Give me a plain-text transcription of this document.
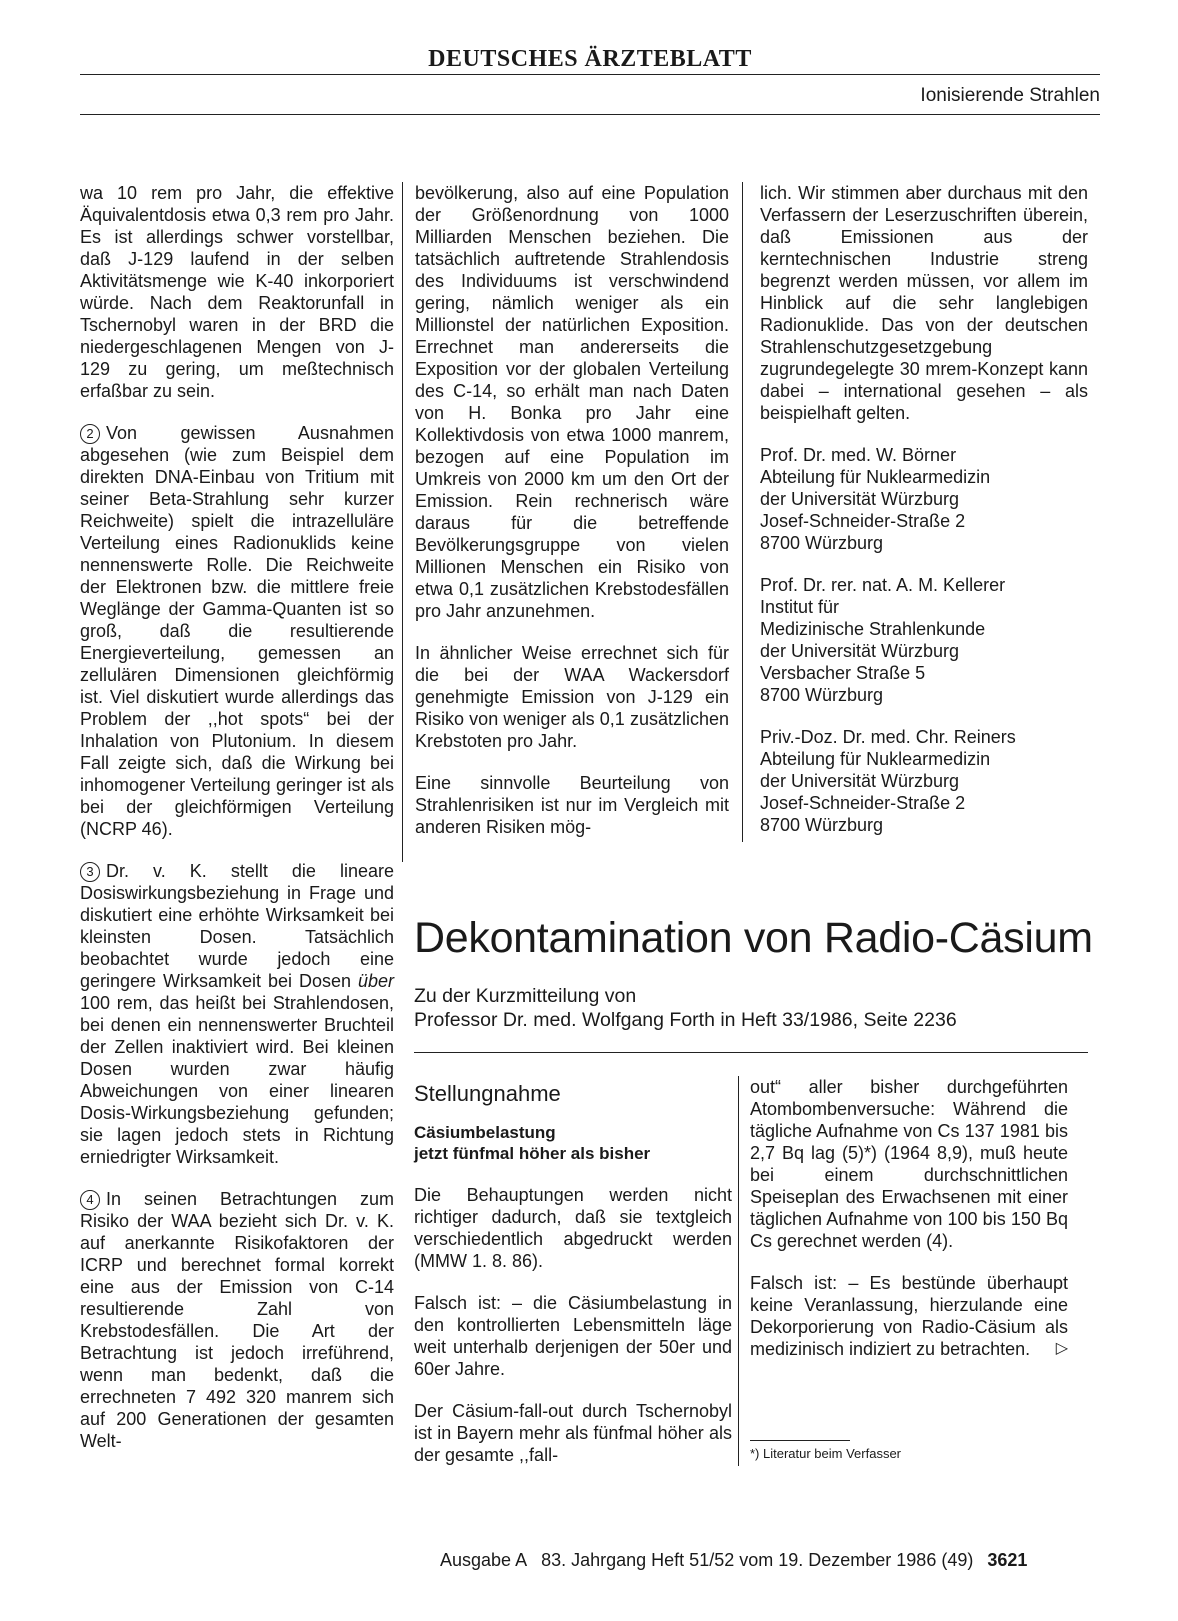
DEUTSCHES ÄRZTEBLATT
Ionisierende Strahlen

wa 10 rem pro Jahr, die effektive Äquivalentdosis etwa 0,3 rem pro Jahr. Es ist allerdings schwer vorstellbar, daß J-129 laufend in der selben Aktivitätsmenge wie K-40 inkorporiert würde. Nach dem Reaktorunfall in Tschernobyl waren in der BRD die niedergeschlagenen Mengen von J-129 zu gering, um meßtechnisch erfaßbar zu sein.

2 Von gewissen Ausnahmen abgesehen (wie zum Beispiel dem direkten DNA-Einbau von Tritium mit seiner Beta-Strahlung sehr kurzer Reichweite) spielt die intrazelluläre Verteilung eines Radionuklids keine nennenswerte Rolle. Die Reichweite der Elektronen bzw. die mittlere freie Weglänge der Gamma-Quanten ist so groß, daß die resultierende Energieverteilung, gemessen an zellulären Dimensionen gleichförmig ist. Viel diskutiert wurde allerdings das Problem der ,,hot spots“ bei der Inhalation von Plutonium. In diesem Fall zeigte sich, daß die Wirkung bei inhomogener Verteilung geringer ist als bei der gleichförmigen Verteilung (NCRP 46).

3 Dr. v. K. stellt die lineare Dosiswirkungsbeziehung in Frage und diskutiert eine erhöhte Wirksamkeit bei kleinsten Dosen. Tatsächlich beobachtet wurde jedoch eine geringere Wirksamkeit bei Dosen über 100 rem, das heißt bei Strahlendosen, bei denen ein nennenswerter Bruchteil der Zellen inaktiviert wird. Bei kleinen Dosen wurden zwar häufig Abweichungen von einer linearen Dosis-Wirkungsbeziehung gefunden; sie lagen jedoch stets in Richtung erniedrigter Wirksamkeit.

4 In seinen Betrachtungen zum Risiko der WAA bezieht sich Dr. v. K. auf anerkannte Risikofaktoren der ICRP und berechnet formal korrekt eine aus der Emission von C-14 resultierende Zahl von Krebstodesfällen. Die Art der Betrachtung ist jedoch irreführend, wenn man bedenkt, daß die errechneten 7 492 320 manrem sich auf 200 Generationen der gesamten Welt-

bevölkerung, also auf eine Population der Größenordnung von 1000 Milliarden Menschen beziehen. Die tatsächlich auftretende Strahlendosis des Individuums ist verschwindend gering, nämlich weniger als ein Millionstel der natürlichen Exposition. Errechnet man andererseits die Exposition vor der globalen Verteilung des C-14, so erhält man nach Daten von H. Bonka pro Jahr eine Kollektivdosis von etwa 1000 manrem, bezogen auf eine Population im Umkreis von 2000 km um den Ort der Emission. Rein rechnerisch wäre daraus für die betreffende Bevölkerungsgruppe von vielen Millionen Menschen ein Risiko von etwa 0,1 zusätzlichen Krebstodesfällen pro Jahr anzunehmen.

In ähnlicher Weise errechnet sich für die bei der WAA Wackersdorf genehmigte Emission von J-129 ein Risiko von weniger als 0,1 zusätzlichen Krebstoten pro Jahr.

Eine sinnvolle Beurteilung von Strahlenrisiken ist nur im Vergleich mit anderen Risiken mög-

lich. Wir stimmen aber durchaus mit den Verfassern der Leserzuschriften überein, daß Emissionen aus der kerntechnischen Industrie streng begrenzt werden müssen, vor allem im Hinblick auf die sehr langlebigen Radionuklide. Das von der deutschen Strahlenschutzgesetzgebung zugrundegelegte 30 mrem-Konzept kann dabei – international gesehen – als beispielhaft gelten.

Prof. Dr. med. W. Börner
Abteilung für Nuklearmedizin
der Universität Würzburg
Josef-Schneider-Straße 2
8700 Würzburg
Prof. Dr. rer. nat. A. M. Kellerer
Institut für
Medizinische Strahlenkunde
der Universität Würzburg
Versbacher Straße 5
8700 Würzburg
Priv.-Doz. Dr. med. Chr. Reiners
Abteilung für Nuklearmedizin
der Universität Würzburg
Josef-Schneider-Straße 2
8700 Würzburg
Dekontamination von Radio-Cäsium
Zu der Kurzmitteilung von
Professor Dr. med. Wolfgang Forth in Heft 33/1986, Seite 2236
Stellungnahme
Cäsiumbelastung
jetzt fünfmal höher als bisher

Die Behauptungen werden nicht richtiger dadurch, daß sie textgleich verschiedentlich abgedruckt werden (MMW 1. 8. 86).

Falsch ist: – die Cäsiumbelastung in den kontrollierten Lebensmitteln läge weit unterhalb derjenigen der 50er und 60er Jahre.

Der Cäsium-fall-out durch Tschernobyl ist in Bayern mehr als fünfmal höher als der gesamte ,,fall-

out“ aller bisher durchgeführten Atombombenversuche: Während die tägliche Aufnahme von Cs 137 1981 bis 2,7 Bq lag (5)*) (1964 8,9), muß heute bei einem durchschnittlichen Speiseplan des Erwachsenen mit einer täglichen Aufnahme von 100 bis 150 Bq Cs gerechnet werden (4).

Falsch ist: – Es bestünde überhaupt keine Veranlassung, hierzulande eine Dekorporierung von Radio-Cäsium als medizinisch indiziert zu betrachten. ▷

*) Literatur beim Verfasser
Ausgabe A   83. Jahrgang Heft 51/52 vom 19. Dezember 1986 (49) 3621
